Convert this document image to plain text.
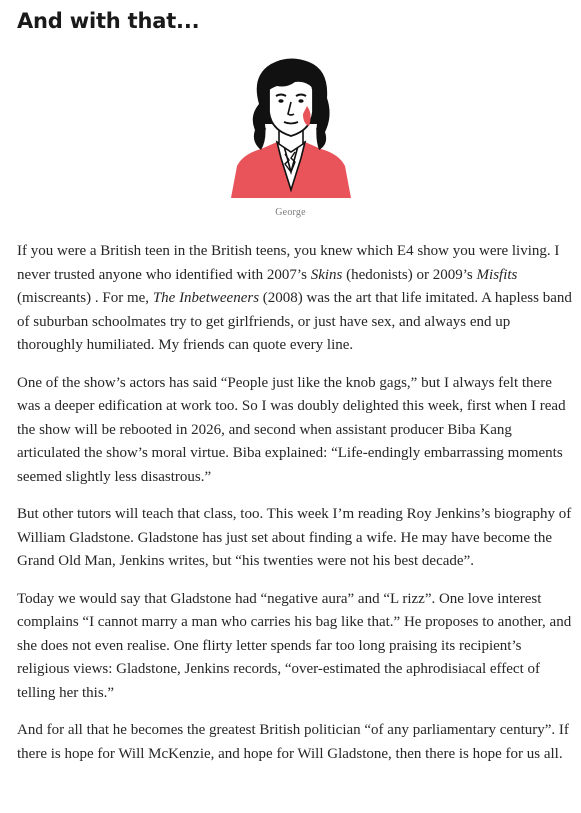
And with that...
George

If you were a British teen in the British teens, you knew which E4 show you were living. I never trusted anyone who identified with 2007’s Skins (hedonists) or 2009’s Misfits (miscreants) . For me, The Inbetweeners (2008) was the art that life imitated. A hapless band of suburban schoolmates try to get girlfriends, or just have sex, and always end up thoroughly humiliated. My friends can quote every line.

One of the show’s actors has said “People just like the knob gags,” but I always felt there was a deeper edification at work too. So I was doubly delighted this week, first when I read the show will be rebooted in 2026, and second when assistant producer Biba Kang articulated the show’s moral virtue. Biba explained: “Life-endingly embarrassing moments seemed slightly less disastrous.”

But other tutors will teach that class, too. This week I’m reading Roy Jenkins’s biography of William Gladstone. Gladstone has just set about finding a wife. He may have become the Grand Old Man, Jenkins writes, but “his twenties were not his best decade”.

Today we would say that Gladstone had “negative aura” and “L rizz”. One love interest complains “I cannot marry a man who carries his bag like that.” He proposes to another, and she does not even realise. One flirty letter spends far too long praising its recipient’s religious views: Gladstone, Jenkins records, “over-estimated the aphrodisiacal effect of telling her this.”

And for all that he becomes the greatest British politician “of any parliamentary century”. If there is hope for Will McKenzie, and hope for Will Gladstone, then there is hope for us all.
